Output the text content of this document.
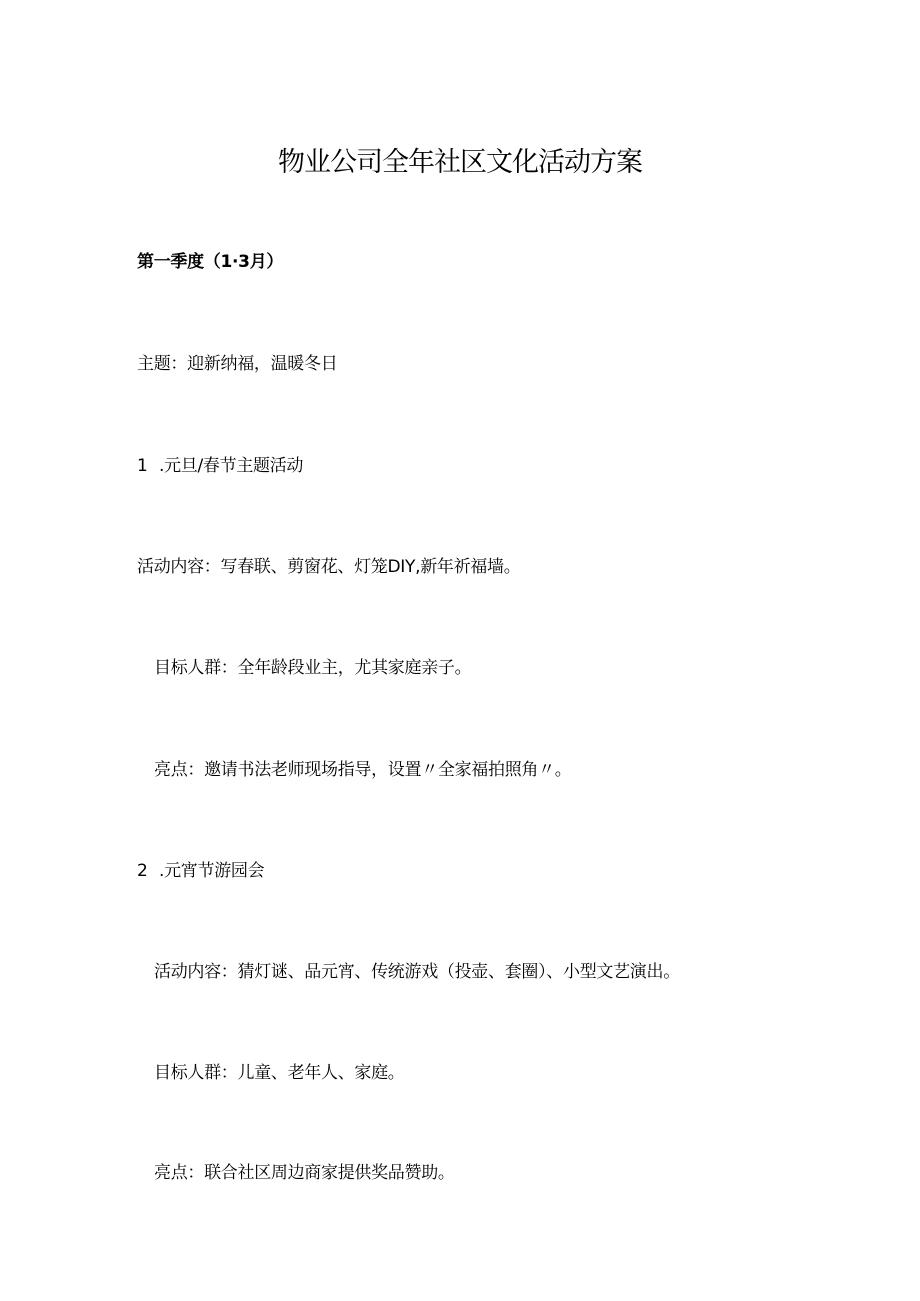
物业公司全年社区文化活动方案
第一季度（1·3月）
主题：迎新纳福，温暖冬日
1 .元旦/春节主题活动
活动内容：写春联、剪窗花、灯笼DIY,新年祈福墙。
目标人群：全年龄段业主，尤其家庭亲子。
亮点：邀请书法老师现场指导，设置〃全家福拍照角〃。
2 .元宵节游园会
活动内容：猜灯谜、品元宵、传统游戏（投壶、套圈）、小型文艺演出。
目标人群：儿童、老年人、家庭。
亮点：联合社区周边商家提供奖品赞助。
